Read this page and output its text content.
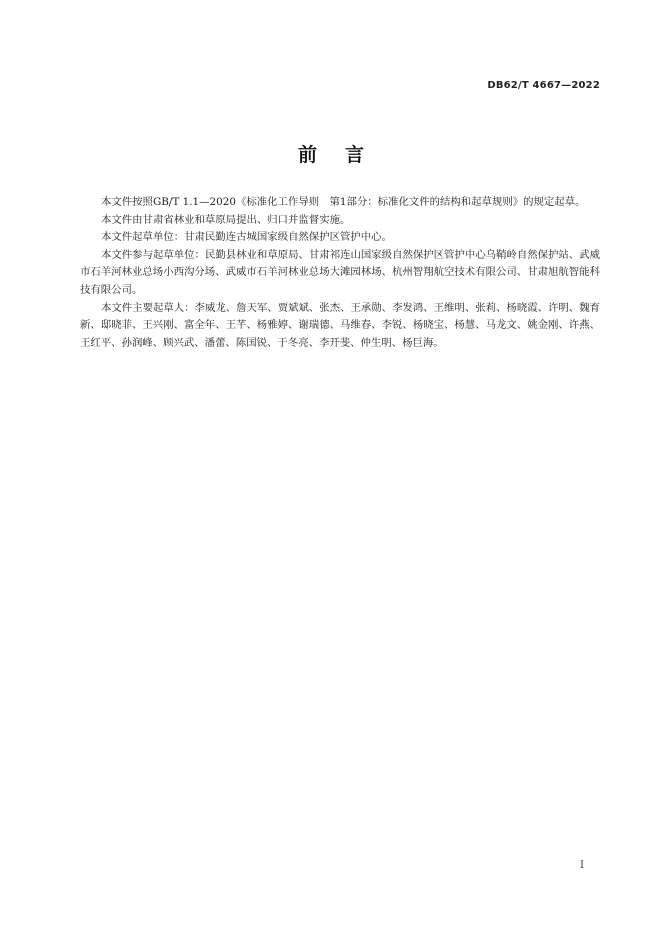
DB62/T 4667—2022
前 言

本文件按照GB/T 1.1—2020《标准化工作导则　第1部分：标准化文件的结构和起草规则》的规定起草。

本文件由甘肃省林业和草原局提出、归口并监督实施。

本文件起草单位：甘肃民勤连古城国家级自然保护区管护中心。

本文件参与起草单位：民勤县林业和草原局、甘肃祁连山国家级自然保护区管护中心乌鞘岭自然保护站、武威市石羊河林业总场小西沟分场、武威市石羊河林业总场大滩园林场、杭州智翔航空技术有限公司、甘肃旭航智能科技有限公司。

本文件主要起草人：李威龙、詹天军、贾斌斌、张杰、王承勋、李发鸿、王维明、张莉、杨晓霞、许明、魏育新、邸晓菲、王兴刚、富全年、王芊、杨雅婷、谢瑞德、马维春、李锐、杨晓宝、杨慧、马龙文、姚金刚、许燕、王红平、孙润峰、顾兴武、潘蕾、陈国锐、于冬亮、李开斐、仲生明、杨巨海。

I
